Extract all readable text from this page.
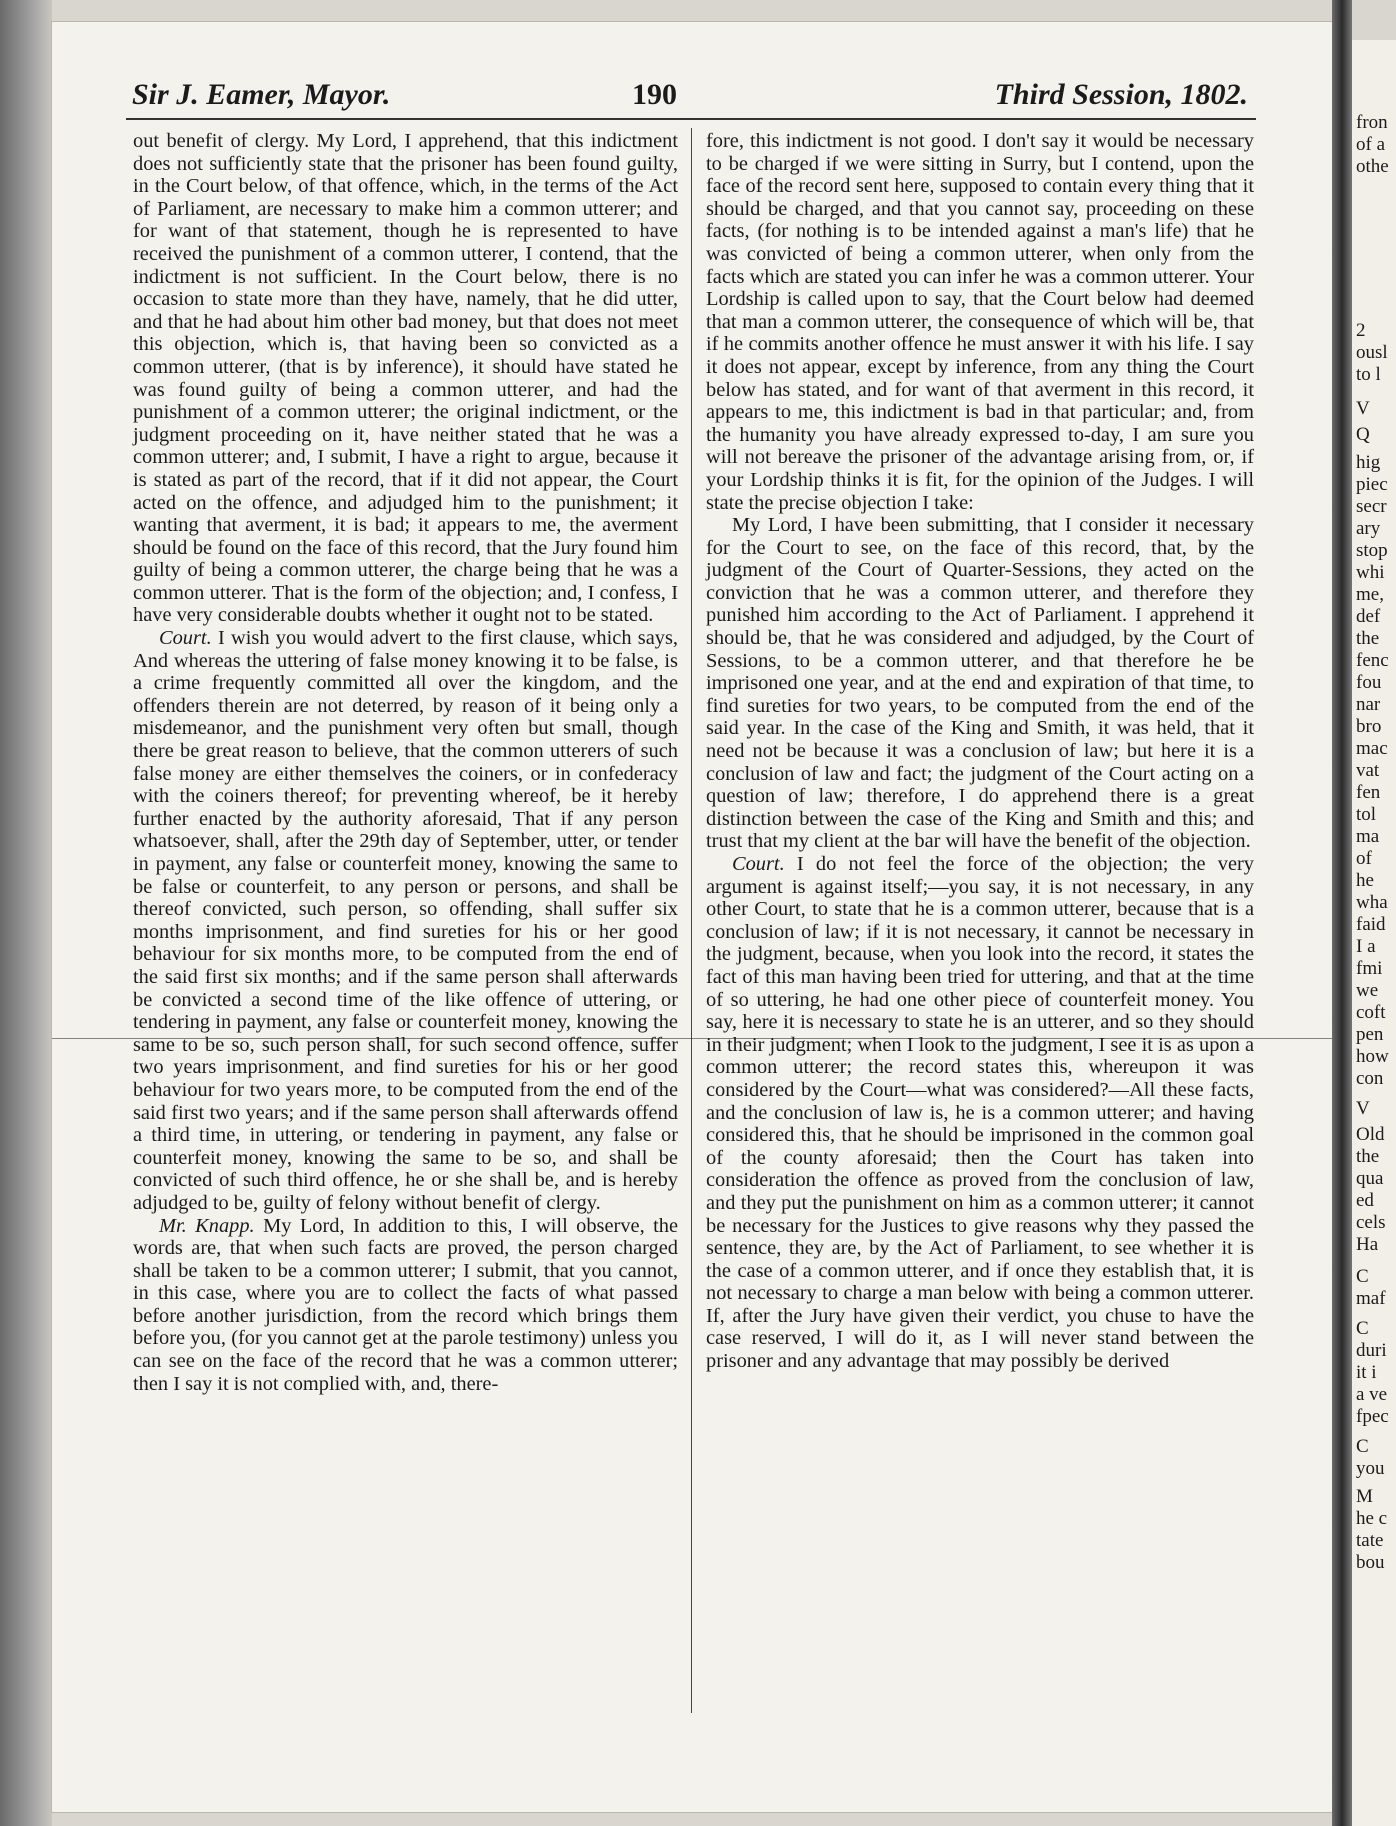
fron
of a
othe
2
ousl
to l
V
Q
hig
piec
secr
ary
stop
whi
me,
def
the
fenc
fou
nar
bro
mac
vat
fen
tol
ma
of
he
wha
faid
I a
fmi
we
coft
pen
how
con
V
Old
the
qua
ed
cels
Ha
C
maf
C
duri
it i
a ve
fpec
C
you
M
he c
tate
bou
Sir J. Eamer, Mayor.	190	Third Session, 1802.

out benefit of clergy. My Lord, I apprehend, that this indictment does not sufficiently state that the prisoner has been found guilty, in the Court below, of that offence, which, in the terms of the Act of Parliament, are necessary to make him a common utterer; and for want of that statement, though he is represented to have received the punishment of a common utterer, I contend, that the indictment is not sufficient. In the Court below, there is no occasion to state more than they have, namely, that he did utter, and that he had about him other bad money, but that does not meet this objection, which is, that having been so convicted as a common utterer, (that is by inference), it should have stated he was found guilty of being a common utterer, and had the punishment of a common utterer; the original indictment, or the judgment proceeding on it, have neither stated that he was a common utterer; and, I submit, I have a right to argue, because it is stated as part of the record, that if it did not appear, the Court acted on the offence, and adjudged him to the punishment; it wanting that averment, it is bad; it appears to me, the averment should be found on the face of this record, that the Jury found him guilty of being a common utterer, the charge being that he was a common utterer. That is the form of the objection; and, I confess, I have very considerable doubts whether it ought not to be stated.

Court. I wish you would advert to the first clause, which says, And whereas the uttering of false money knowing it to be false, is a crime frequently committed all over the kingdom, and the offenders therein are not deterred, by reason of it being only a misdemeanor, and the punishment very often but small, though there be great reason to believe, that the common utterers of such false money are either themselves the coiners, or in confederacy with the coiners thereof; for preventing whereof, be it hereby further enacted by the authority aforesaid, That if any person whatsoever, shall, after the 29th day of September, utter, or tender in payment, any false or counterfeit money, knowing the same to be false or counterfeit, to any person or persons, and shall be thereof convicted, such person, so offending, shall suffer six months imprisonment, and find sureties for his or her good behaviour for six months more, to be computed from the end of the said first six months; and if the same person shall afterwards be convicted a second time of the like offence of uttering, or tendering in payment, any false or counterfeit money, knowing the same to be so, such person shall, for such second offence, suffer two years imprisonment, and find sureties for his or her good behaviour for two years more, to be computed from the end of the said first two years; and if the same person shall afterwards offend a third time, in uttering, or tendering in payment, any false or counterfeit money, knowing the same to be so, and shall be convicted of such third offence, he or she shall be, and is hereby adjudged to be, guilty of felony without benefit of clergy.

Mr. Knapp. My Lord, In addition to this, I will observe, the words are, that when such facts are proved, the person charged shall be taken to be a common utterer; I submit, that you cannot, in this case, where you are to collect the facts of what passed before another jurisdiction, from the record which brings them before you, (for you cannot get at the parole testimony) unless you can see on the face of the record that he was a common utterer; then I say it is not complied with, and, there-

fore, this indictment is not good. I don't say it would be necessary to be charged if we were sitting in Surry, but I contend, upon the face of the record sent here, supposed to contain every thing that it should be charged, and that you cannot say, proceeding on these facts, (for nothing is to be intended against a man's life) that he was convicted of being a common utterer, when only from the facts which are stated you can infer he was a common utterer. Your Lordship is called upon to say, that the Court below had deemed that man a common utterer, the consequence of which will be, that if he commits another offence he must answer it with his life. I say it does not appear, except by inference, from any thing the Court below has stated, and for want of that averment in this record, it appears to me, this indictment is bad in that particular; and, from the humanity you have already expressed to-day, I am sure you will not bereave the prisoner of the advantage arising from, or, if your Lordship thinks it is fit, for the opinion of the Judges. I will state the precise objection I take:

My Lord, I have been submitting, that I consider it necessary for the Court to see, on the face of this record, that, by the judgment of the Court of Quarter-Sessions, they acted on the conviction that he was a common utterer, and therefore they punished him according to the Act of Parliament. I apprehend it should be, that he was considered and adjudged, by the Court of Sessions, to be a common utterer, and that therefore he be imprisoned one year, and at the end and expiration of that time, to find sureties for two years, to be computed from the end of the said year. In the case of the King and Smith, it was held, that it need not be because it was a conclusion of law; but here it is a conclusion of law and fact; the judgment of the Court acting on a question of law; therefore, I do apprehend there is a great distinction between the case of the King and Smith and this; and trust that my client at the bar will have the benefit of the objection.

Court. I do not feel the force of the objection; the very argument is against itself;—you say, it is not necessary, in any other Court, to state that he is a common utterer, because that is a conclusion of law; if it is not necessary, it cannot be necessary in the judgment, because, when you look into the record, it states the fact of this man having been tried for uttering, and that at the time of so uttering, he had one other piece of counterfeit money. You say, here it is necessary to state he is an utterer, and so they should in their judgment; when I look to the judgment, I see it is as upon a common utterer; the record states this, whereupon it was considered by the Court—what was considered?—All these facts, and the conclusion of law is, he is a common utterer; and having considered this, that he should be imprisoned in the common goal of the county aforesaid; then the Court has taken into consideration the offence as proved from the conclusion of law, and they put the punishment on him as a common utterer; it cannot be necessary for the Justices to give reasons why they passed the sentence, they are, by the Act of Parliament, to see whether it is the case of a common utterer, and if once they establish that, it is not necessary to charge a man below with being a common utterer. If, after the Jury have given their verdict, you chuse to have the case reserved, I will do it, as I will never stand between the prisoner and any advantage that may possibly be derived
